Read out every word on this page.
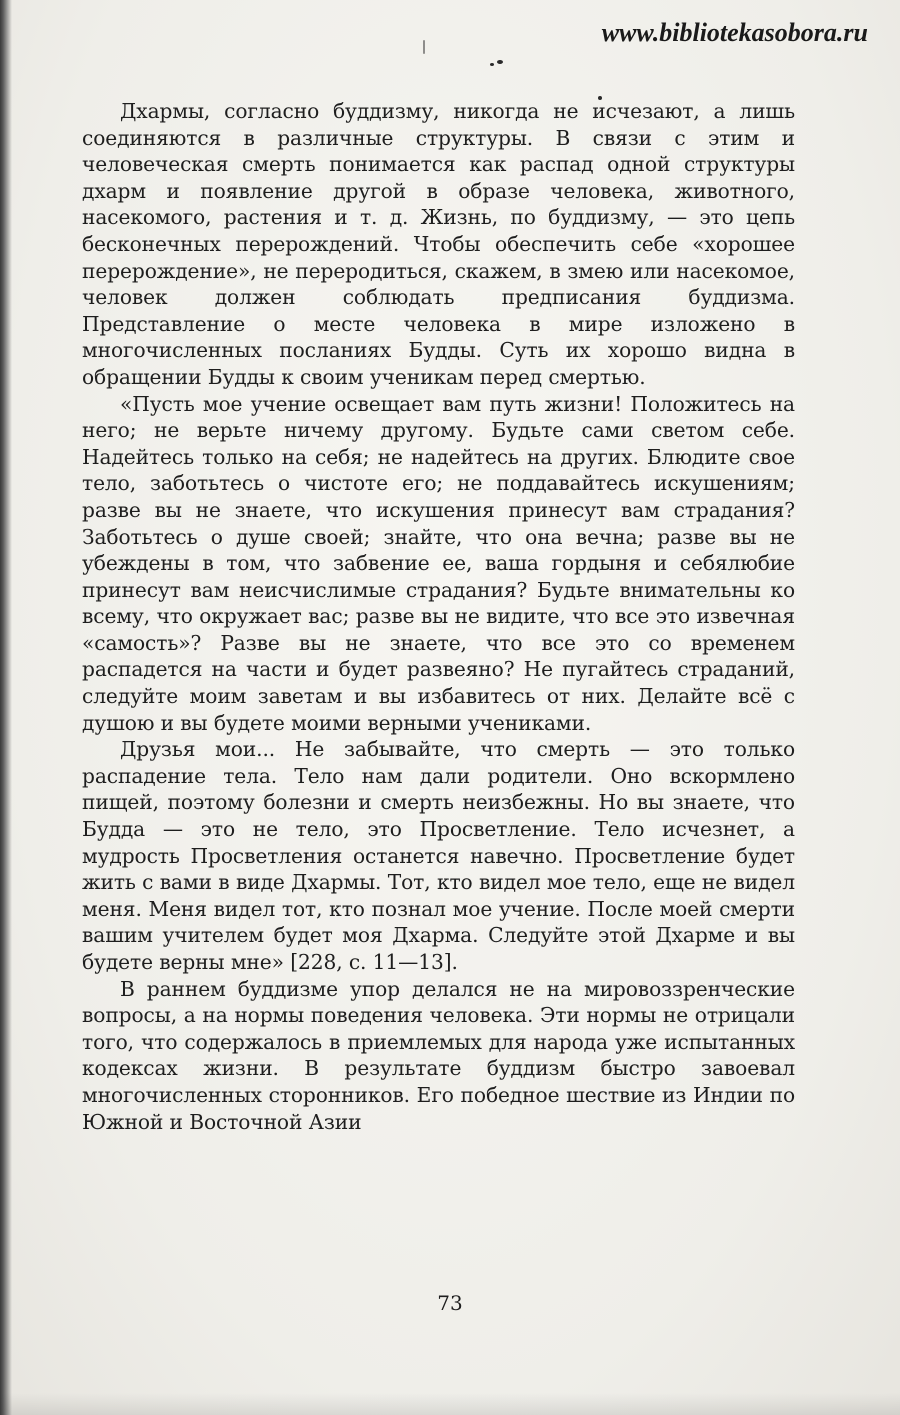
www.bibliotekasobora.ru

Дхармы, согласно буддизму, никогда не исчезают, а лишь соединяются в различные структуры. В связи с этим и человеческая смерть понимается как распад одной структуры дхарм и появление другой в образе человека, животного, насекомого, растения и т. д. Жизнь, по буддизму, — это цепь бесконечных перерождений. Чтобы обеспечить себе «хорошее перерождение», не переродиться, скажем, в змею или насекомое, человек должен соблюдать предписания буддизма. Представление о месте человека в мире изложено в многочисленных посланиях Будды. Суть их хорошо видна в обращении Будды к своим ученикам перед смертью.

«Пусть мое учение освещает вам путь жизни! Положитесь на него; не верьте ничему другому. Будьте сами светом себе. Надейтесь только на себя; не надейтесь на других. Блюдите свое тело, заботьтесь о чистоте его; не поддавайтесь искушениям; разве вы не знаете, что искушения принесут вам страдания? Заботьтесь о душе своей; знайте, что она вечна; разве вы не убеждены в том, что забвение ее, ваша гордыня и себялюбие принесут вам неисчислимые страдания? Будьте внимательны ко всему, что окружает вас; разве вы не видите, что все это извечная «самость»? Разве вы не знаете, что все это со временем распадется на части и будет развеяно? Не пугайтесь страданий, следуйте моим заветам и вы избавитесь от них. Делайте всё с душою и вы будете моими верными учениками.

Друзья мои... Не забывайте, что смерть — это только распадение тела. Тело нам дали родители. Оно вскормлено пищей, поэтому болезни и смерть неизбежны. Но вы знаете, что Будда — это не тело, это Просветление. Тело исчезнет, а мудрость Просветления останется навечно. Просветление будет жить с вами в виде Дхармы. Тот, кто видел мое тело, еще не видел меня. Меня видел тот, кто познал мое учение. После моей смерти вашим учителем будет моя Дхарма. Следуйте этой Дхарме и вы будете верны мне» [228, с. 11—13].

В раннем буддизме упор делался не на мировоззренческие вопросы, а на нормы поведения человека. Эти нормы не отрицали того, что содержалось в приемлемых для народа уже испытанных кодексах жизни. В результате буддизм быстро завоевал многочисленных сторонников. Его победное шествие из Индии по Южной и Восточной Азии

73
